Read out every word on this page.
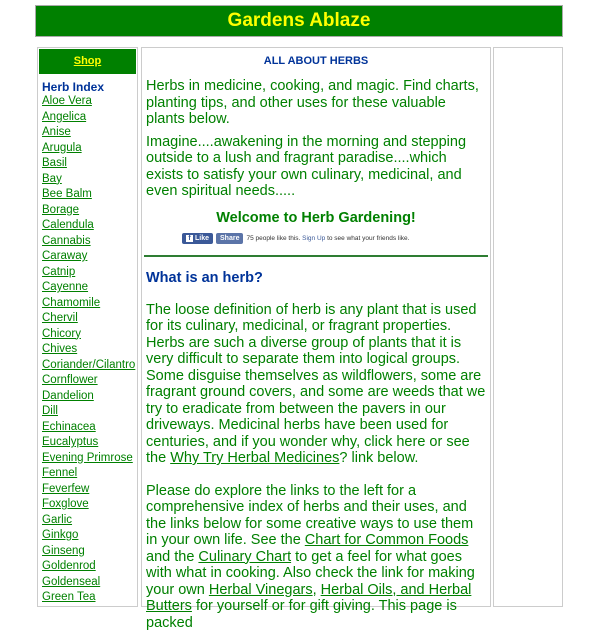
Gardens Ablaze
Shop
Herb Index
Aloe Vera
Angelica
Anise
Arugula
Basil
Bay
Bee Balm
Borage
Calendula
Cannabis
Caraway
Catnip
Cayenne
Chamomile
Chervil
Chicory
Chives
Coriander/Cilantro
Cornflower
Dandelion
Dill
Echinacea
Eucalyptus
Evening Primrose
Fennel
Feverfew
Foxglove
Garlic
Ginkgo
Ginseng
Goldenrod
Goldenseal
Green Tea
ALL ABOUT HERBS

Herbs in medicine, cooking, and magic. Find charts, planting tips, and other uses for these valuable plants below.

Imagine....awakening in the morning and stepping outside to a lush and fragrant paradise....which exists to satisfy your own culinary, medicinal, and even spiritual needs.....

Welcome to Herb Gardening!
f Like	Share	75 people like this. Sign Up to see what your friends like.
What is an herb?

The loose definition of herb is any plant that is used for its culinary, medicinal, or fragrant properties. Herbs are such a diverse group of plants that it is very difficult to separate them into logical groups. Some disguise themselves as wildflowers, some are fragrant ground covers, and some are weeds that we try to eradicate from between the pavers in our driveways. Medicinal herbs have been used for centuries, and if you wonder why, click here or see the Why Try Herbal Medicines? link below.

Please do explore the links to the left for a comprehensive index of herbs and their uses, and the links below for some creative ways to use them in your own life. See the Chart for Common Foods and the Culinary Chart to get a feel for what goes with what in cooking. Also check the link for making your own Herbal Vinegars, Herbal Oils, and Herbal Butters for yourself or for gift giving. This page is packed
